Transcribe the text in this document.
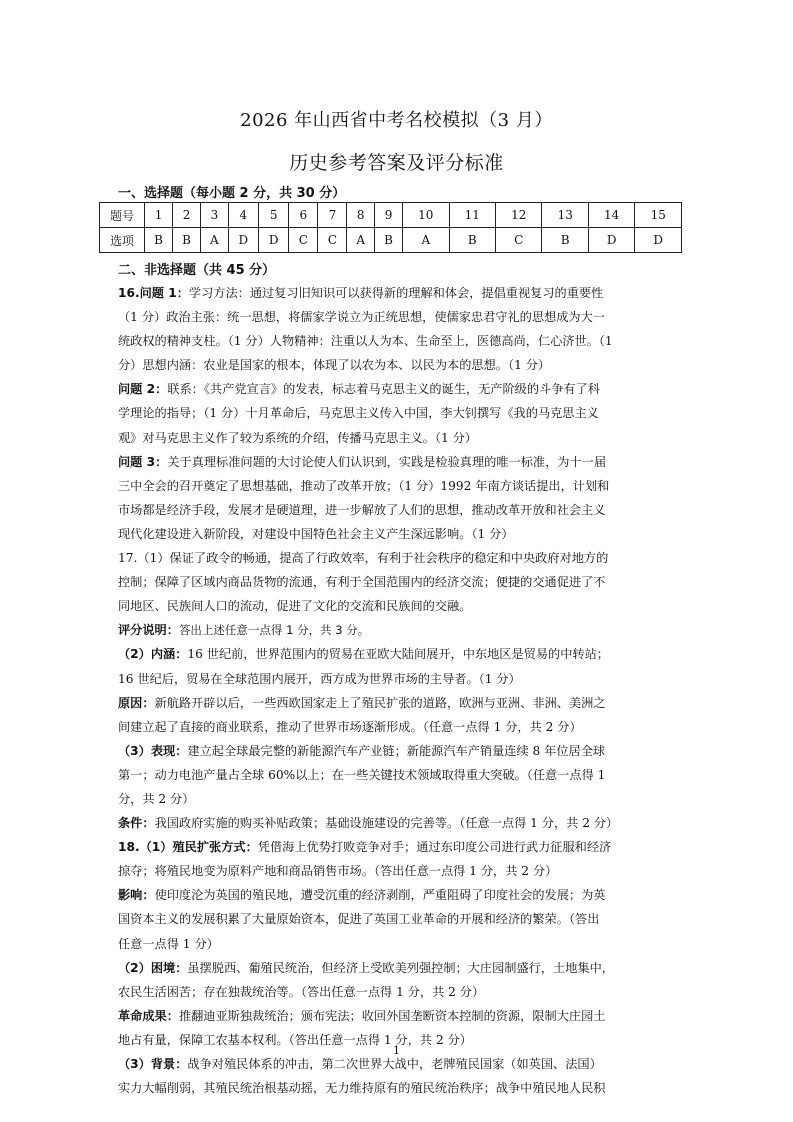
2026 年山西省中考名校模拟（3 月）
历史参考答案及评分标准
一、选择题（每小题 2 分，共 30 分）
题号	1	2	3	4	5	6	7	8	9	10	11	12	13	14	15
选项	B	B	A	D	D	C	C	A	B	A	B	C	B	D	D
二、非选择题（共 45 分）
16.问题 1：学习方法：通过复习旧知识可以获得新的理解和体会，提倡重视复习的重要性
（1 分）政治主张：统一思想，将儒家学说立为正统思想，使儒家忠君守礼的思想成为大一
统政权的精神支柱。（1 分）人物精神：注重以人为本、生命至上，医德高尚，仁心济世。（1
分）思想内涵：农业是国家的根本，体现了以农为本、以民为本的思想。（1 分）
问题 2：联系：《共产党宣言》的发表，标志着马克思主义的诞生，无产阶级的斗争有了科
学理论的指导；（1 分）十月革命后，马克思主义传入中国，李大钊撰写《我的马克思主义
观》对马克思主义作了较为系统的介绍，传播马克思主义。（1 分）
问题 3：关于真理标准问题的大讨论使人们认识到，实践是检验真理的唯一标准，为十一届
三中全会的召开奠定了思想基础，推动了改革开放；（1 分）1992 年南方谈话提出，计划和
市场都是经济手段，发展才是硬道理，进一步解放了人们的思想，推动改革开放和社会主义
现代化建设进入新阶段，对建设中国特色社会主义产生深远影响。（1 分）
17.（1）保证了政令的畅通，提高了行政效率，有利于社会秩序的稳定和中央政府对地方的
控制；保障了区域内商品货物的流通，有利于全国范围内的经济交流；便捷的交通促进了不
同地区、民族间人口的流动，促进了文化的交流和民族间的交融。
评分说明：答出上述任意一点得 1 分，共 3 分。
（2）内涵：16 世纪前，世界范围内的贸易在亚欧大陆间展开，中东地区是贸易的中转站；
16 世纪后，贸易在全球范围内展开，西方成为世界市场的主导者。（1 分）
原因：新航路开辟以后，一些西欧国家走上了殖民扩张的道路，欧洲与亚洲、非洲、美洲之
间建立起了直接的商业联系，推动了世界市场逐渐形成。（任意一点得 1 分，共 2 分）
（3）表现：建立起全球最完整的新能源汽车产业链；新能源汽车产销量连续 8 年位居全球
第一；动力电池产量占全球 60%以上；在一些关键技术领域取得重大突破。（任意一点得 1
分，共 2 分）
条件：我国政府实施的购买补贴政策；基础设施建设的完善等。（任意一点得 1 分，共 2 分）
18.（1）殖民扩张方式：凭借海上优势打败竞争对手；通过东印度公司进行武力征服和经济
掠夺；将殖民地变为原料产地和商品销售市场。（答出任意一点得 1 分，共 2 分）
影响：使印度沦为英国的殖民地，遭受沉重的经济剥削，严重阻碍了印度社会的发展；为英
国资本主义的发展积累了大量原始资本，促进了英国工业革命的开展和经济的繁荣。（答出
任意一点得 1 分）
（2）困境：虽摆脱西、葡殖民统治，但经济上受欧美列强控制；大庄园制盛行，土地集中，
农民生活困苦；存在独裁统治等。（答出任意一点得 1 分，共 2 分）
革命成果：推翻迪亚斯独裁统治；颁布宪法；收回外国垄断资本控制的资源，限制大庄园土
地占有量，保障工农基本权利。（答出任意一点得 1 分，共 2 分）
（3）背景：战争对殖民体系的冲击，第二次世界大战中，老牌殖民国家（如英国、法国）
实力大幅削弱，其殖民统治根基动摇，无力维持原有的殖民统治秩序；战争中殖民地人民积
1
